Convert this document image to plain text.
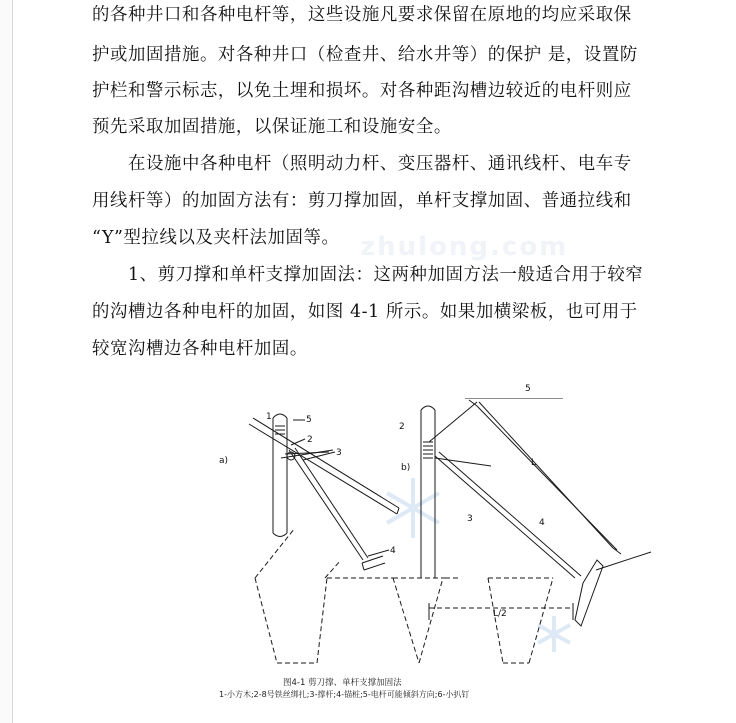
zhulong.com
的各种井口和各种电杆等，这些设施凡要求保留在原地的均应采取保
护或加固措施。对各种井口（检查井、给水井等）的保护 是，设置防
护栏和警示标志，以免土埋和损坏。对各种距沟槽边较近的电杆则应
预先采取加固措施，以保证施工和设施安全。
在设施中各种电杆（照明动力杆、变压器杆、通讯线杆、电车专
用线杆等）的加固方法有：剪刀撑加固，单杆支撑加固、普通拉线和
“Y”型拉线以及夹杆法加固等。
1、剪刀撑和单杆支撑加固法：这两种加固方法一般适合用于较窄
的沟槽边各种电杆的加固，如图 4-1 所示。如果加横梁板，也可用于
较宽沟槽边各种电杆加固。
1	5
2
3
4
a)
b)
2
3	4
5
L
L/2
图4-1 剪刀撑、单杆支撑加固法
1-小方木;2-8号铁丝绑扎;3-撑杆;4-锚桩;5-电杆可能倾斜方向;6-小扒钉
